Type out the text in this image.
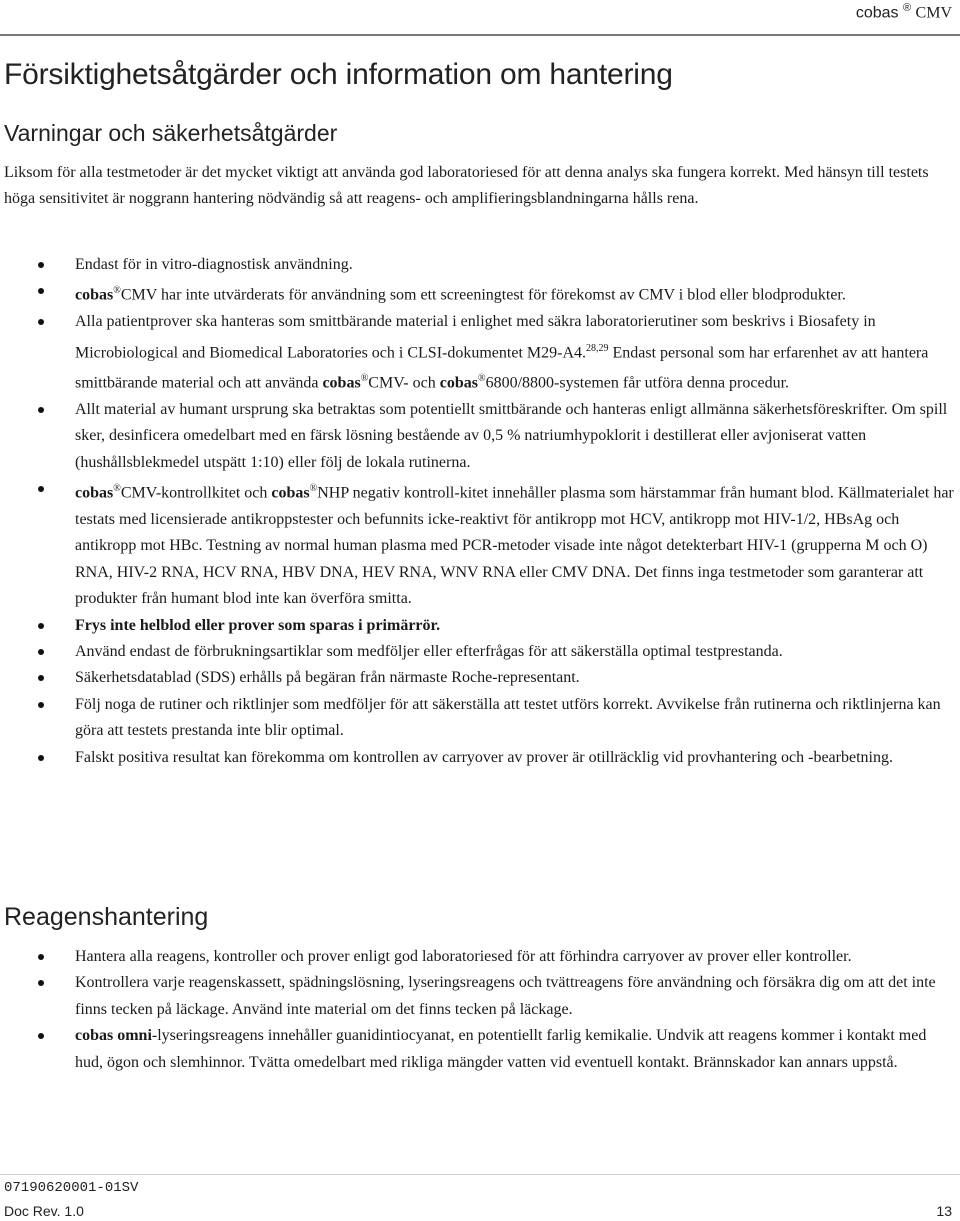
cobas ® CMV
Försiktighetsåtgärder och information om hantering
Varningar och säkerhetsåtgärder

Liksom för alla testmetoder är det mycket viktigt att använda god laboratoriesed för att denna analys ska fungera korrekt. Med hänsyn till testets höga sensitivitet är noggrann hantering nödvändig så att reagens- och amplifieringsblandningarna hålls rena.

Endast för in vitro-diagnostisk användning.
cobas®CMV har inte utvärderats för användning som ett screeningtest för förekomst av CMV i blod eller blodprodukter.
Alla patientprover ska hanteras som smittbärande material i enlighet med säkra laboratorierutiner som beskrivs i Biosafety in Microbiological and Biomedical Laboratories och i CLSI-dokumentet M29-A4.$^{28,29}$ Endast personal som har erfarenhet av att hantera smittbärande material och att använda cobas®CMV- och cobas®6800/8800-systemen får utföra denna procedur.
Allt material av humant ursprung ska betraktas som potentiellt smittbärande och hanteras enligt allmänna säkerhetsföreskrifter. Om spill sker, desinficera omedelbart med en färsk lösning bestående av 0,5 % natriumhypoklorit i destillerat eller avjoniserat vatten (hushållsblekmedel utspätt 1:10) eller följ de lokala rutinerna.
cobas®CMV-kontrollkitet och cobas®NHP negativ kontroll-kitet innehåller plasma som härstammar från humant blod. Källmaterialet har testats med licensierade antikroppstester och befunnits icke-reaktivt för antikropp mot HCV, antikropp mot HIV-1/2, HBsAg och antikropp mot HBc. Testning av normal human plasma med PCR-metoder visade inte något detekterbart HIV-1 (grupperna M och O) RNA, HIV-2 RNA, HCV RNA, HBV DNA, HEV RNA, WNV RNA eller CMV DNA. Det finns inga testmetoder som garanterar att produkter från humant blod inte kan överföra smitta.
Frys inte helblod eller prover som sparas i primärrör.
Använd endast de förbrukningsartiklar som medföljer eller efterfrågas för att säkerställa optimal testprestanda.
Säkerhetsdatablad (SDS) erhålls på begäran från närmaste Roche-representant.
Följ noga de rutiner och riktlinjer som medföljer för att säkerställa att testet utförs korrekt. Avvikelse från rutinerna och riktlinjerna kan göra att testets prestanda inte blir optimal.
Falskt positiva resultat kan förekomma om kontrollen av carryover av prover är otillräcklig vid provhantering och -bearbetning.
Reagenshantering
Hantera alla reagens, kontroller och prover enligt god laboratoriesed för att förhindra carryover av prover eller kontroller.
Kontrollera varje reagenskassett, spädningslösning, lyseringsreagens och tvättreagens före användning och försäkra dig om att det inte finns tecken på läckage. Använd inte material om det finns tecken på läckage.
cobas omni-lyseringsreagens innehåller guanidintiocyanat, en potentiellt farlig kemikalie. Undvik att reagens kommer i kontakt med hud, ögon och slemhinnor. Tvätta omedelbart med rikliga mängder vatten vid eventuell kontakt. Brännskador kan annars uppstå.
07190620001-01SV
Doc Rev. 1.0	13
